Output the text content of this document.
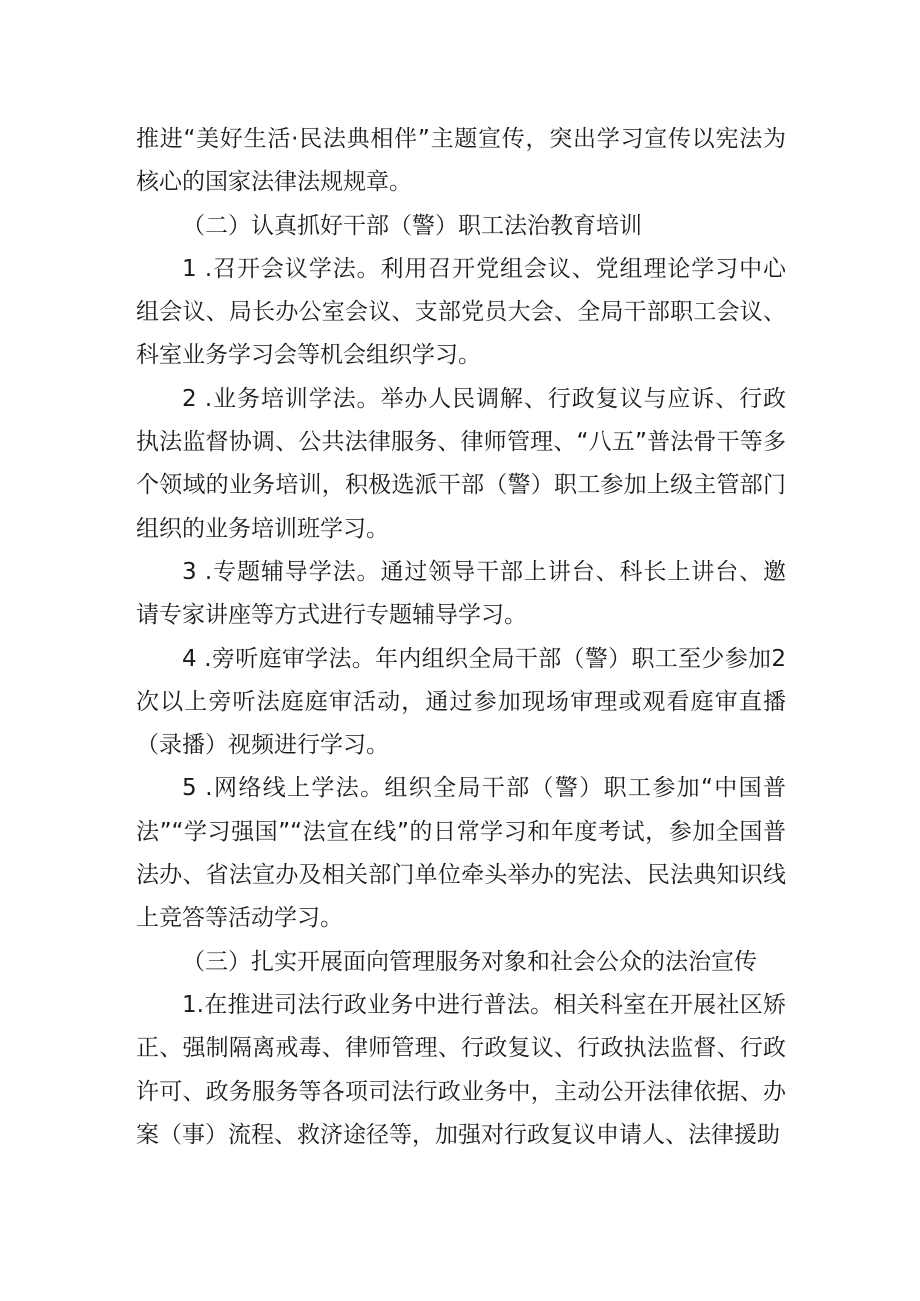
推进“美好生活·民法典相伴”主题宣传，突出学习宣传以宪法为核心的国家法律法规规章。

（二）认真抓好干部（警）职工法治教育培训

1 .召开会议学法。利用召开党组会议、党组理论学习中心组会议、局长办公室会议、支部党员大会、全局干部职工会议、科室业务学习会等机会组织学习。

2 .业务培训学法。举办人民调解、行政复议与应诉、行政执法监督协调、公共法律服务、律师管理、“八五”普法骨干等多个领域的业务培训，积极选派干部（警）职工参加上级主管部门组织的业务培训班学习。

3 .专题辅导学法。通过领导干部上讲台、科长上讲台、邀请专家讲座等方式进行专题辅导学习。

4 .旁听庭审学法。年内组织全局干部（警）职工至少参加2次以上旁听法庭庭审活动，通过参加现场审理或观看庭审直播（录播）视频进行学习。

5 .网络线上学法。组织全局干部（警）职工参加“中国普法”“学习强国”“法宣在线”的日常学习和年度考试，参加全国普法办、省法宣办及相关部门单位牵头举办的宪法、民法典知识线上竞答等活动学习。

（三）扎实开展面向管理服务对象和社会公众的法治宣传

1.在推进司法行政业务中进行普法。相关科室在开展社区矫正、强制隔离戒毒、律师管理、行政复议、行政执法监督、行政许可、政务服务等各项司法行政业务中，主动公开法律依据、办案（事）流程、救济途径等，加强对行政复议申请人、法律援助
